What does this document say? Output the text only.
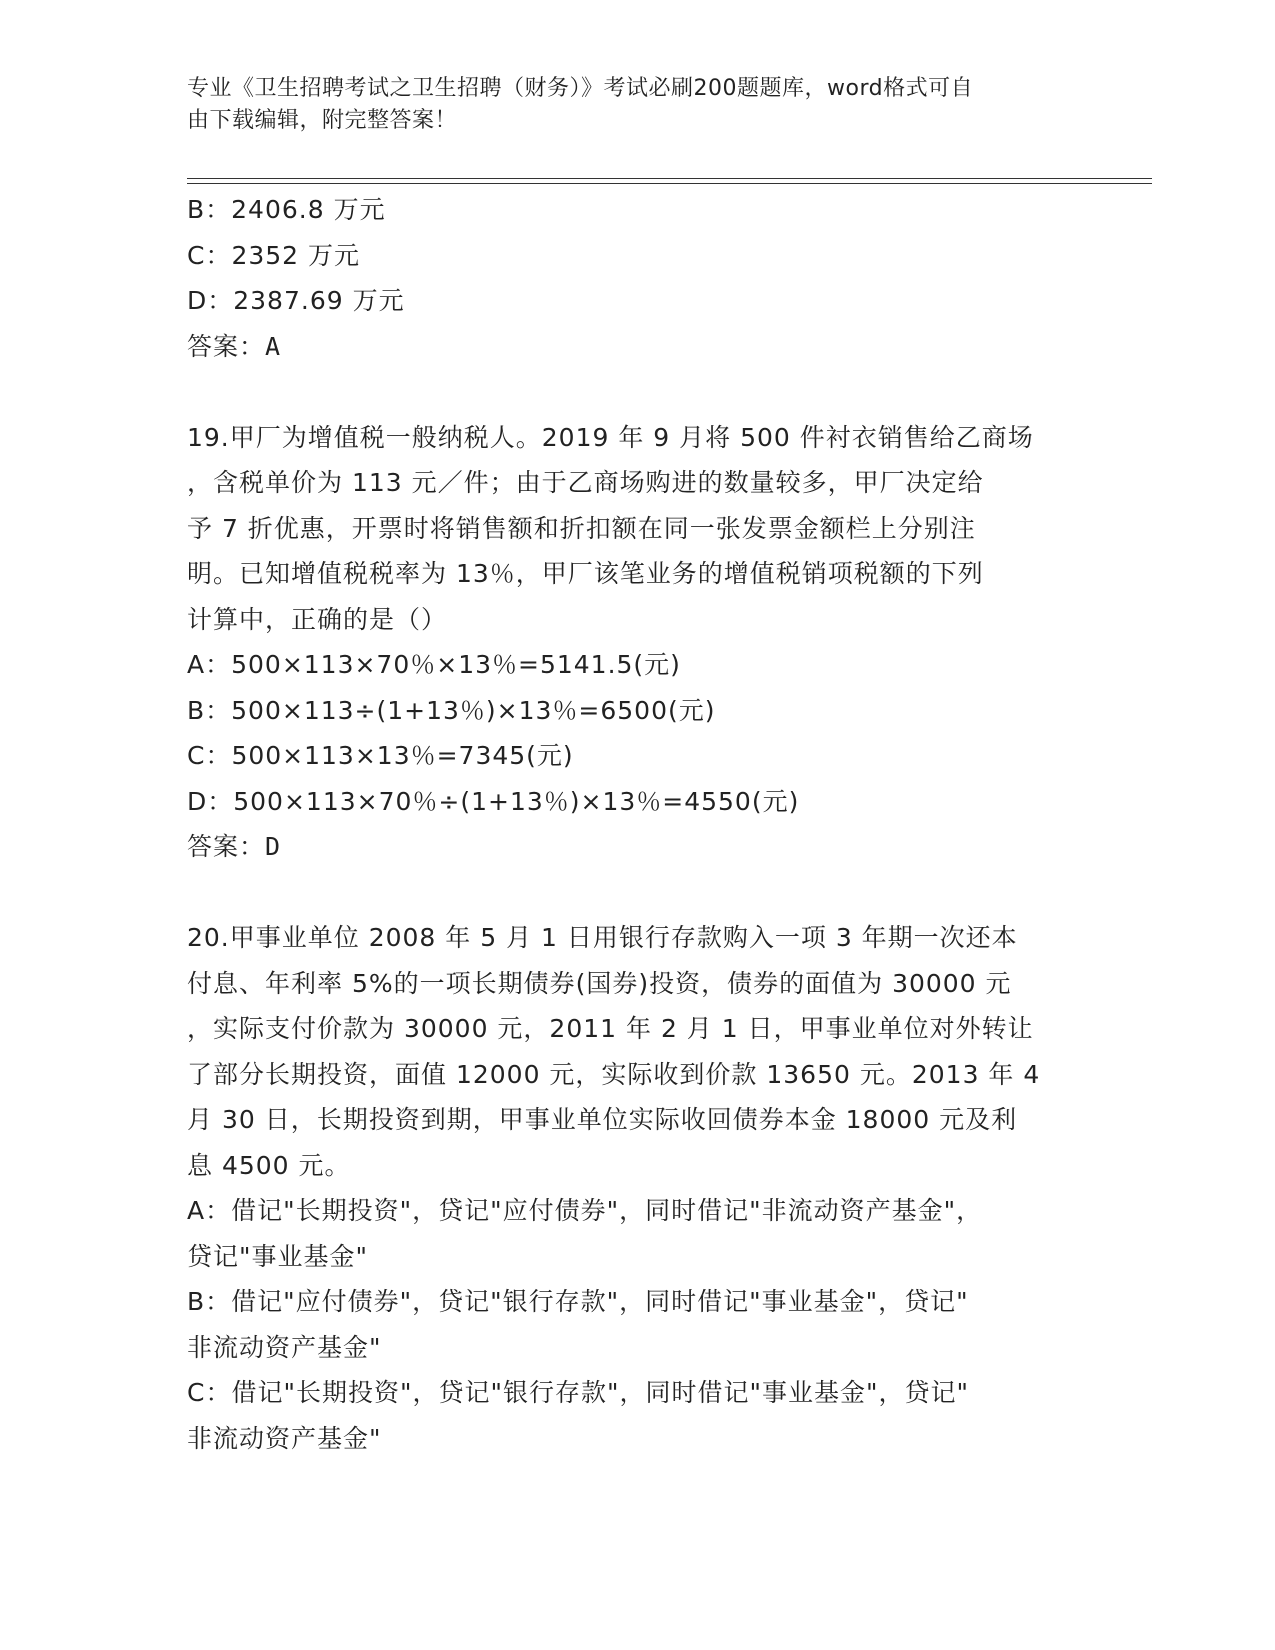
专业《卫生招聘考试之卫生招聘（财务）》考试必刷200题题库，word格式可自
由下载编辑，附完整答案！
B：2406.8 万元
C：2352 万元
D：2387.69 万元
答案：A
19.甲厂为增值税一般纳税人。2019 年 9 月将 500 件衬衣销售给乙商场
，含税单价为 113 元／件；由于乙商场购进的数量较多，甲厂决定给
予 7 折优惠，开票时将销售额和折扣额在同一张发票金额栏上分别注
明。已知增值税税率为 13％，甲厂该笔业务的增值税销项税额的下列
计算中，正确的是（）
A：500×113×70％×13％=5141.5(元)
B：500×113÷(1+13％)×13％=6500(元)
C：500×113×13％=7345(元)
D：500×113×70％÷(1+13％)×13％=4550(元)
答案：D
20.甲事业单位 2008 年 5 月 1 日用银行存款购入一项 3 年期一次还本
付息、年利率 5%的一项长期债券(国券)投资，债券的面值为 30000 元
，实际支付价款为 30000 元，2011 年 2 月 1 日，甲事业单位对外转让
了部分长期投资，面值 12000 元，实际收到价款 13650 元。2013 年 4
月 30 日，长期投资到期，甲事业单位实际收回债券本金 18000 元及利
息 4500 元。
A：借记"长期投资"，贷记"应付债券"，同时借记"非流动资产基金"，
贷记"事业基金"
B：借记"应付债券"，贷记"银行存款"，同时借记"事业基金"，贷记"
非流动资产基金"
C：借记"长期投资"，贷记"银行存款"，同时借记"事业基金"，贷记"
非流动资产基金"
